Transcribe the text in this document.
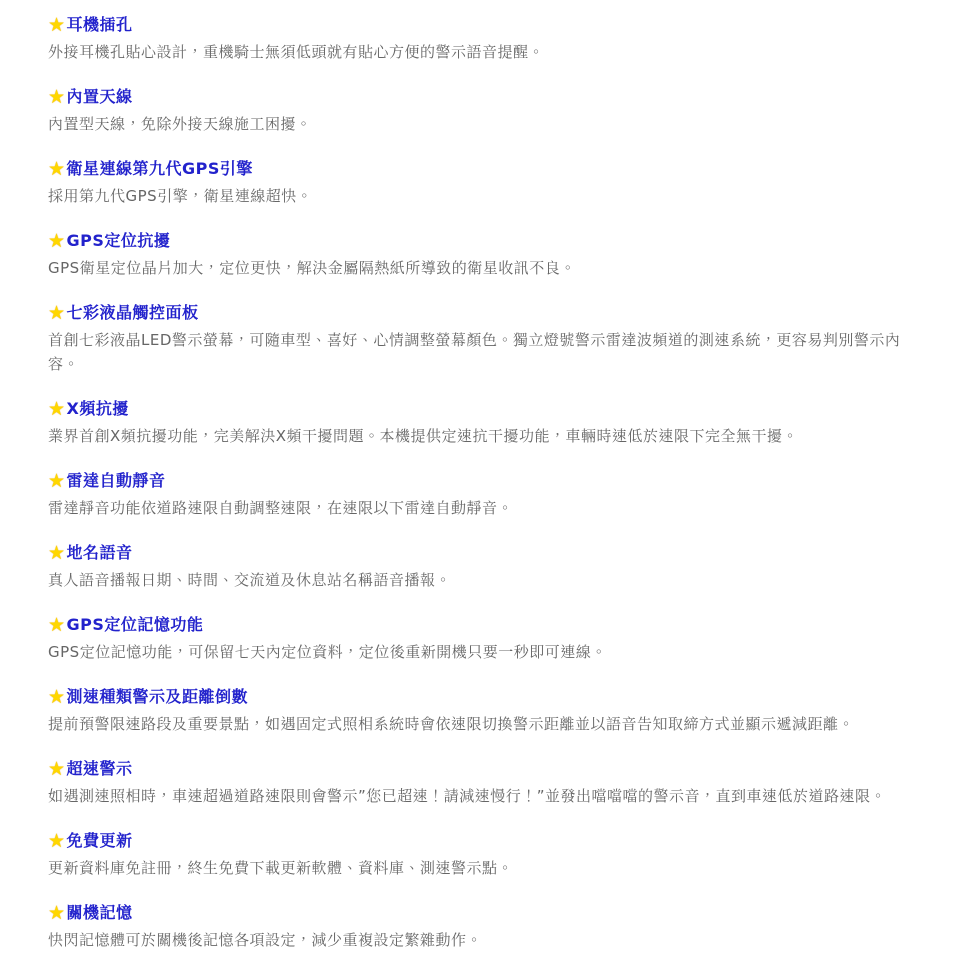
★ 耳機插孔

外接耳機孔貼心設計，重機騎士無須低頭就有貼心方便的警示語音提醒。

★ 內置天線

內置型天線，免除外接天線施工困擾。

★ 衛星連線第九代GPS引擎

採用第九代GPS引擎，衛星連線超快。

★ GPS定位抗擾

GPS衛星定位晶片加大，定位更快，解決金屬隔熱紙所導致的衛星收訊不良。

★ 七彩液晶觸控面板

首創七彩液晶LED警示螢幕，可隨車型、喜好、心情調整螢幕顏色。獨立燈號警示雷達波頻道的測速系統，更容易判別警示內容。

★ X頻抗擾

業界首創X頻抗擾功能，完美解決X頻干擾問題。本機提供定速抗干擾功能，車輛時速低於速限下完全無干擾。

★ 雷達自動靜音

雷達靜音功能依道路速限自動調整速限，在速限以下雷達自動靜音。

★ 地名語音

真人語音播報日期、時間、交流道及休息站名稱語音播報。

★ GPS定位記憶功能

GPS定位記憶功能，可保留七天內定位資料，定位後重新開機只要一秒即可連線。

★ 測速種類警示及距離倒數

提前預警限速路段及重要景點，如遇固定式照相系統時會依速限切換警示距離並以語音告知取締方式並顯示遞減距離。

★ 超速警示

如遇測速照相時，車速超過道路速限則會警示”您已超速！請減速慢行！”並發出噹噹噹的警示音，直到車速低於道路速限。

★ 免費更新

更新資料庫免註冊，終生免費下載更新軟體、資料庫、測速警示點。

★ 關機記憶

快閃記憶體可於關機後記憶各項設定，減少重複設定繁雜動作。
